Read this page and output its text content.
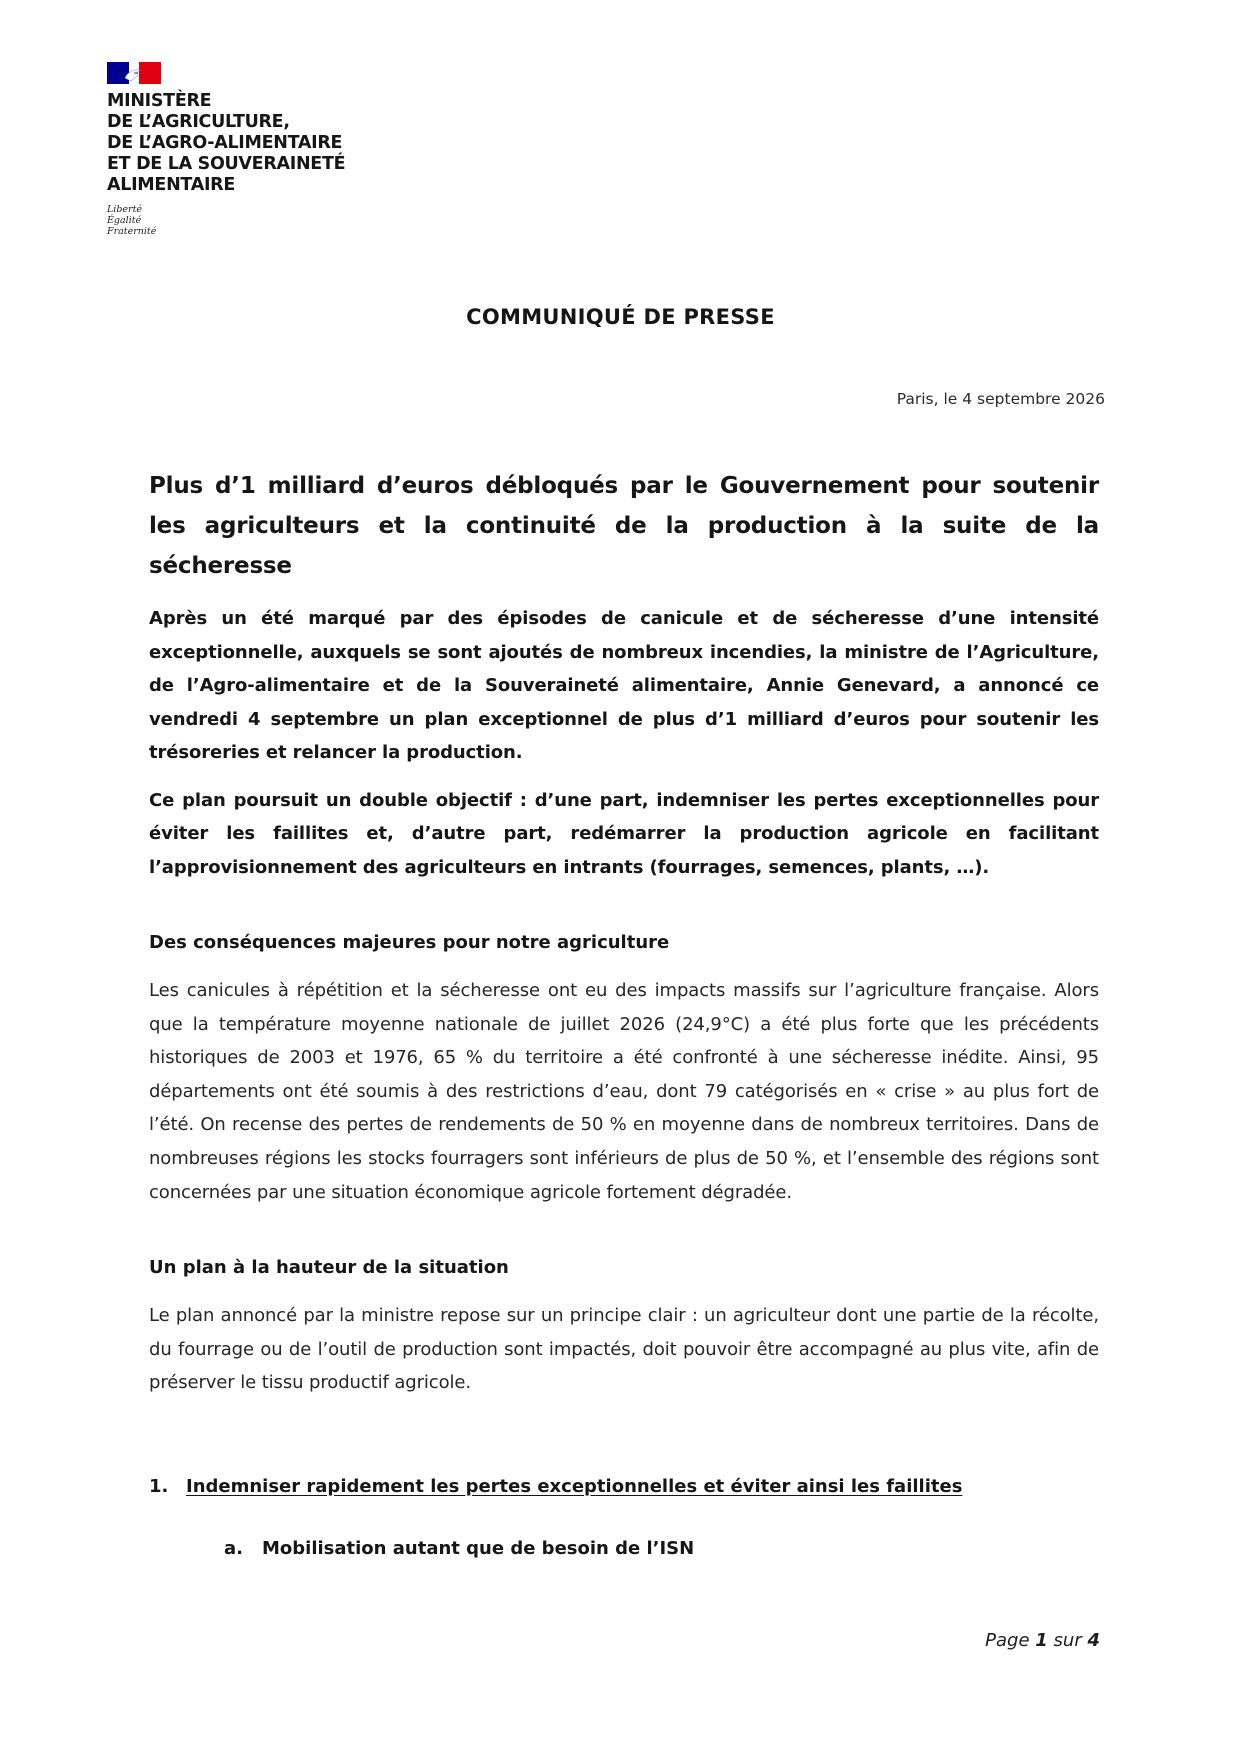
MINISTÈRE
DE L’AGRICULTURE,
DE L’AGRO-ALIMENTAIRE
ET DE LA SOUVERAINETÉ
ALIMENTAIRE
Liberté
Égalité
Fraternité
COMMUNIQUÉ DE PRESSE
Paris, le 4 septembre 2026
Plus d’1 milliard d’euros débloqués par le Gouvernement pour soutenir les agriculteurs et la continuité de la production à la suite de la sécheresse

Après un été marqué par des épisodes de canicule et de sécheresse d’une intensité exceptionnelle, auxquels se sont ajoutés de nombreux incendies, la ministre de l’Agriculture, de l’Agro-alimentaire et de la Souveraineté alimentaire, Annie Genevard, a annoncé ce vendredi 4 septembre un plan exceptionnel de plus d’1 milliard d’euros pour soutenir les trésoreries et relancer la production.

Ce plan poursuit un double objectif : d’une part, indemniser les pertes exceptionnelles pour éviter les faillites et, d’autre part, redémarrer la production agricole en facilitant l’approvisionnement des agriculteurs en intrants (fourrages, semences, plants, …).

Des conséquences majeures pour notre agriculture

Les canicules à répétition et la sécheresse ont eu des impacts massifs sur l’agriculture française. Alors que la température moyenne nationale de juillet 2026 (24,9°C) a été plus forte que les précédents historiques de 2003 et 1976, 65 % du territoire a été confronté à une sécheresse inédite. Ainsi, 95 départements ont été soumis à des restrictions d’eau, dont 79 catégorisés en « crise » au plus fort de l’été. On recense des pertes de rendements de 50 % en moyenne dans de nombreux territoires. Dans de nombreuses régions les stocks fourragers sont inférieurs de plus de 50 %, et l’ensemble des régions sont concernées par une situation économique agricole fortement dégradée.

Un plan à la hauteur de la situation

Le plan annoncé par la ministre repose sur un principe clair : un agriculteur dont une partie de la récolte, du fourrage ou de l’outil de production sont impactés, doit pouvoir être accompagné au plus vite, afin de préserver le tissu productif agricole.

1. Indemniser rapidement les pertes exceptionnelles et éviter ainsi les faillites
a.	Mobilisation autant que de besoin de l’ISN
Page 1 sur 4
